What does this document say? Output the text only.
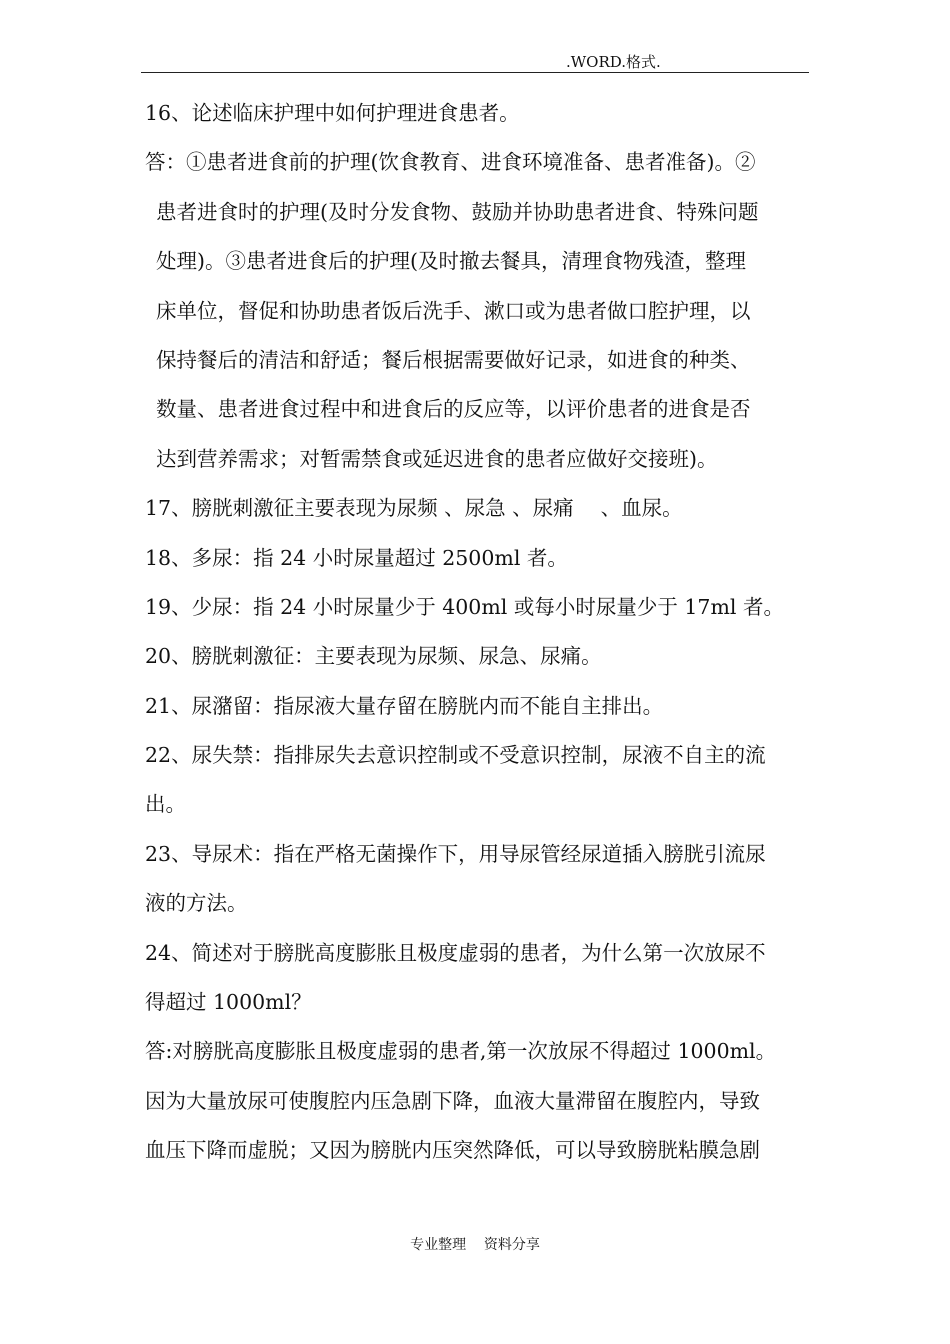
.WORD.格式.
16、论述临床护理中如何护理进食患者。
答：①患者进食前的护理(饮食教育、进食环境准备、患者准备)。②
患者进食时的护理(及时分发食物、鼓励并协助患者进食、特殊问题
处理)。③患者进食后的护理(及时撤去餐具，清理食物残渣，整理
床单位，督促和协助患者饭后洗手、漱口或为患者做口腔护理，以
保持餐后的清洁和舒适；餐后根据需要做好记录，如进食的种类、
数量、患者进食过程中和进食后的反应等，以评价患者的进食是否
达到营养需求；对暂需禁食或延迟进食的患者应做好交接班)。
17、膀胱刺激征主要表现为尿频 、尿急 、尿痛 　、血尿。
18、多尿：指 24 小时尿量超过 2500ml 者。
19、少尿：指 24 小时尿量少于 400ml 或每小时尿量少于 17ml 者。
20、膀胱刺激征：主要表现为尿频、尿急、尿痛。
21、尿潴留：指尿液大量存留在膀胱内而不能自主排出。
22、尿失禁：指排尿失去意识控制或不受意识控制，尿液不自主的流
出。
23、导尿术：指在严格无菌操作下，用导尿管经尿道插入膀胱引流尿
液的方法。
24、简述对于膀胱高度膨胀且极度虚弱的患者，为什么第一次放尿不
得超过 1000ml？
答:对膀胱高度膨胀且极度虚弱的患者,第一次放尿不得超过 1000ml。
因为大量放尿可使腹腔内压急剧下降，血液大量滞留在腹腔内，导致
血压下降而虚脱；又因为膀胱内压突然降低，可以导致膀胱粘膜急剧
专业整理    资料分享
